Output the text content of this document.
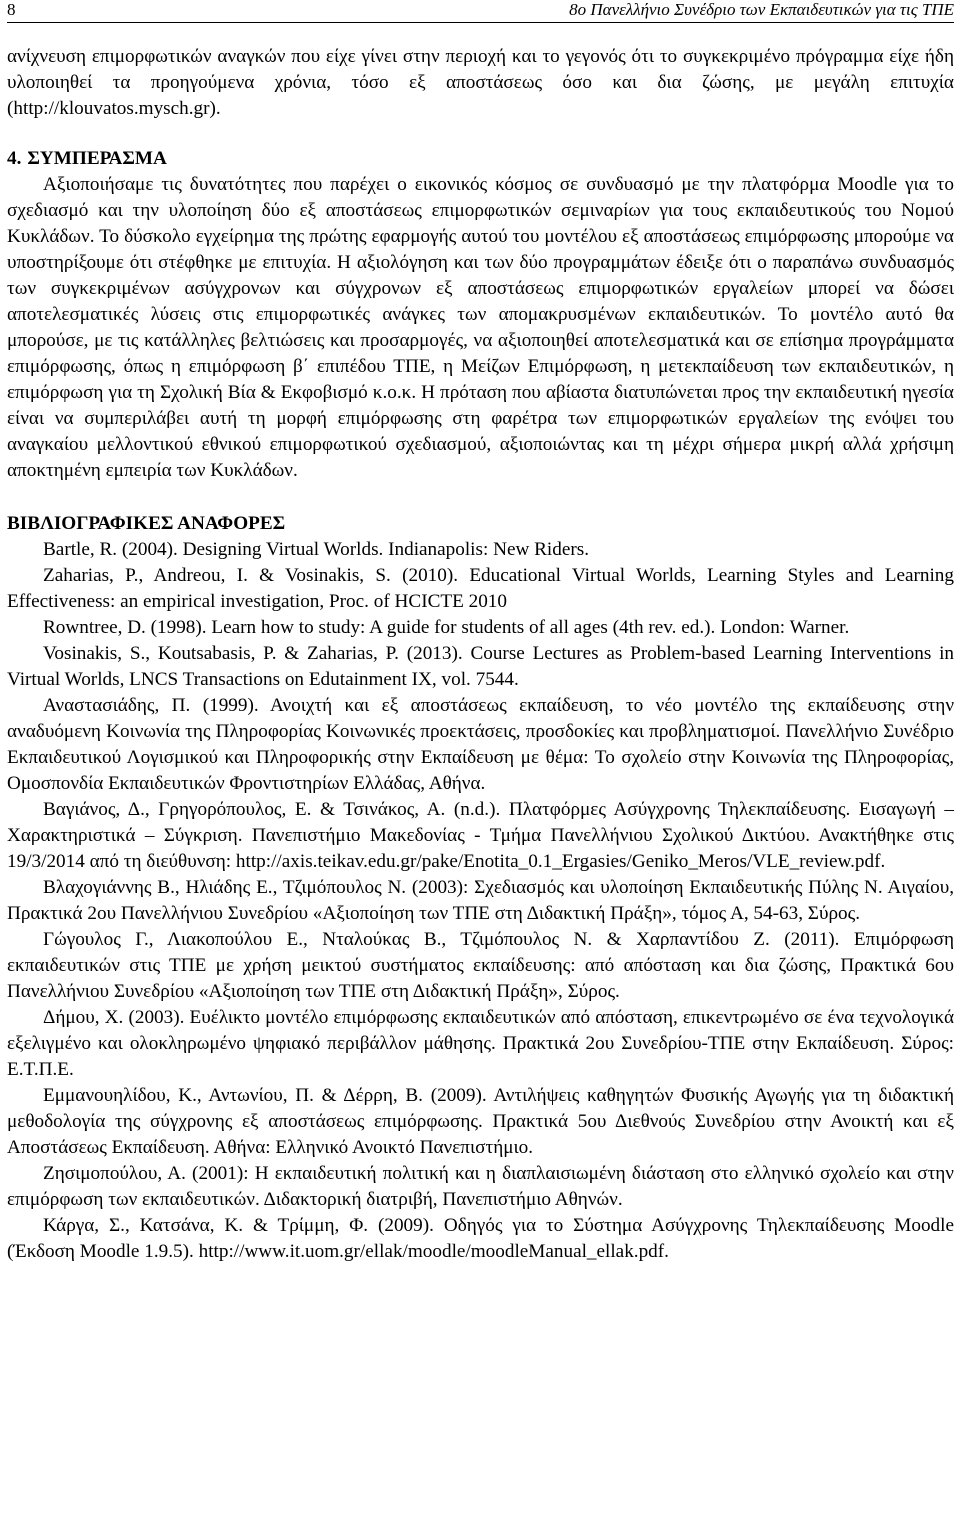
8	8ο Πανελλήνιο Συνέδριο των Εκπαιδευτικών για τις ΤΠΕ

ανίχνευση επιμορφωτικών αναγκών που είχε γίνει στην περιοχή και το γεγονός ότι το συγκεκριμένο πρόγραμμα είχε ήδη υλοποιηθεί τα προηγούμενα χρόνια, τόσο εξ αποστάσεως όσο και δια ζώσης, με μεγάλη επιτυχία (http://klouvatos.mysch.gr).

4. ΣΥΜΠΕΡΑΣΜΑ

Αξιοποιήσαμε τις δυνατότητες που παρέχει ο εικονικός κόσμος σε συνδυασμό με την πλατφόρμα Moodle για το σχεδιασμό και την υλοποίηση δύο εξ αποστάσεως επιμορφωτικών σεμιναρίων για τους εκπαιδευτικούς του Νομού Κυκλάδων. Το δύσκολο εγχείρημα της πρώτης εφαρμογής αυτού του μοντέλου εξ αποστάσεως επιμόρφωσης μπορούμε να υποστηρίξουμε ότι στέφθηκε με επιτυχία. Η αξιολόγηση και των δύο προγραμμάτων έδειξε ότι ο παραπάνω συνδυασμός των συγκεκριμένων ασύγχρονων και σύγχρονων εξ αποστάσεως επιμορφωτικών εργαλείων μπορεί να δώσει αποτελεσματικές λύσεις στις επιμορφωτικές ανάγκες των απομακρυσμένων εκπαιδευτικών. Το μοντέλο αυτό θα μπορούσε, με τις κατάλληλες βελτιώσεις και προσαρμογές, να αξιοποιηθεί αποτελεσματικά και σε επίσημα προγράμματα επιμόρφωσης, όπως η επιμόρφωση β΄ επιπέδου ΤΠΕ, η Μείζων Επιμόρφωση, η μετεκπαίδευση των εκπαιδευτικών, η επιμόρφωση για τη Σχολική Βία & Εκφοβισμό κ.ο.κ. Η πρόταση που αβίαστα διατυπώνεται προς την εκπαιδευτική ηγεσία είναι να συμπεριλάβει αυτή τη μορφή επιμόρφωσης στη φαρέτρα των επιμορφωτικών εργαλείων της ενόψει του αναγκαίου μελλοντικού εθνικού επιμορφωτικού σχεδιασμού, αξιοποιώντας και τη μέχρι σήμερα μικρή αλλά χρήσιμη αποκτημένη εμπειρία των Κυκλάδων.

ΒΙΒΛΙΟΓΡΑΦΙΚΕΣ ΑΝΑΦΟΡΕΣ

Bartle, R. (2004). Designing Virtual Worlds. Indianapolis: New Riders.

Zaharias, P., Andreou, I. & Vosinakis, S. (2010). Educational Virtual Worlds, Learning Styles and Learning Effectiveness: an empirical investigation, Proc. of HCICTE 2010

Rowntree, D. (1998). Learn how to study: A guide for students of all ages (4th rev. ed.). London: Warner.

Vosinakis, S., Koutsabasis, P. & Zaharias, P. (2013). Course Lectures as Problem-based Learning Interventions in Virtual Worlds, LNCS Transactions on Edutainment IX, vol. 7544.

Αναστασιάδης, Π. (1999). Ανοιχτή και εξ αποστάσεως εκπαίδευση, το νέο μοντέλο της εκπαίδευσης στην αναδυόμενη Κοινωνία της Πληροφορίας Κοινωνικές προεκτάσεις, προσδοκίες και προβληματισμοί. Πανελλήνιο Συνέδριο Εκπαιδευτικού Λογισμικού και Πληροφορικής στην Εκπαίδευση με θέμα: Το σχολείο στην Κοινωνία της Πληροφορίας, Ομοσπονδία Εκπαιδευτικών Φροντιστηρίων Ελλάδας, Αθήνα.

Βαγιάνος, Δ., Γρηγορόπουλος, Ε. & Τσινάκος, Α. (n.d.). Πλατφόρμες Ασύγχρονης Τηλεκπαίδευσης. Εισαγωγή – Χαρακτηριστικά – Σύγκριση. Πανεπιστήμιο Μακεδονίας - Τμήμα Πανελλήνιου Σχολικού Δικτύου. Ανακτήθηκε στις 19/3/2014 από τη διεύθυνση: http://axis.teikav.edu.gr/pake/Enotita_0.1_Ergasies/Geniko_Meros/VLE_review.pdf.

Βλαχογιάννης Β., Ηλιάδης Ε., Τζιμόπουλος Ν. (2003): Σχεδιασμός και υλοποίηση Εκπαιδευτικής Πύλης Ν. Αιγαίου, Πρακτικά 2ου Πανελλήνιου Συνεδρίου «Αξιοποίηση των ΤΠΕ στη Διδακτική Πράξη», τόμος Α, 54-63, Σύρος.

Γώγουλος Γ., Λιακοπούλου Ε., Νταλούκας Β., Τζιμόπουλος Ν. & Χαρπαντίδου Ζ. (2011). Επιμόρφωση εκπαιδευτικών στις ΤΠΕ με χρήση μεικτού συστήματος εκπαίδευσης: από απόσταση και δια ζώσης, Πρακτικά 6ου Πανελλήνιου Συνεδρίου «Αξιοποίηση των ΤΠΕ στη Διδακτική Πράξη», Σύρος.

Δήμου, Χ. (2003). Ευέλικτο μοντέλο επιμόρφωσης εκπαιδευτικών από απόσταση, επικεντρωμένο σε ένα τεχνολογικά εξελιγμένο και ολοκληρωμένο ψηφιακό περιβάλλον μάθησης. Πρακτικά 2ου Συνεδρίου-ΤΠΕ στην Εκπαίδευση. Σύρος: Ε.Τ.Π.Ε.

Εμμανουηλίδου, Κ., Αντωνίου, Π. & Δέρρη, Β. (2009). Αντιλήψεις καθηγητών Φυσικής Αγωγής για τη διδακτική μεθοδολογία της σύγχρονης εξ αποστάσεως επιμόρφωσης. Πρακτικά 5ου Διεθνούς Συνεδρίου στην Ανοικτή και εξ Αποστάσεως Εκπαίδευση. Αθήνα: Ελληνικό Ανοικτό Πανεπιστήμιο.

Ζησιμοπούλου, Α. (2001): Η εκπαιδευτική πολιτική και η διαπλαισιωμένη διάσταση στο ελληνικό σχολείο και στην επιμόρφωση των εκπαιδευτικών. Διδακτορική διατριβή, Πανεπιστήμιο Αθηνών.

Κάργα, Σ., Κατσάνα, Κ. & Τρίμμη, Φ. (2009). Οδηγός για το Σύστημα Ασύγχρονης Τηλεκπαίδευσης Moodle (Έκδοση Moodle 1.9.5). http://www.it.uom.gr/ellak/moodle/moodleManual_ellak.pdf.
